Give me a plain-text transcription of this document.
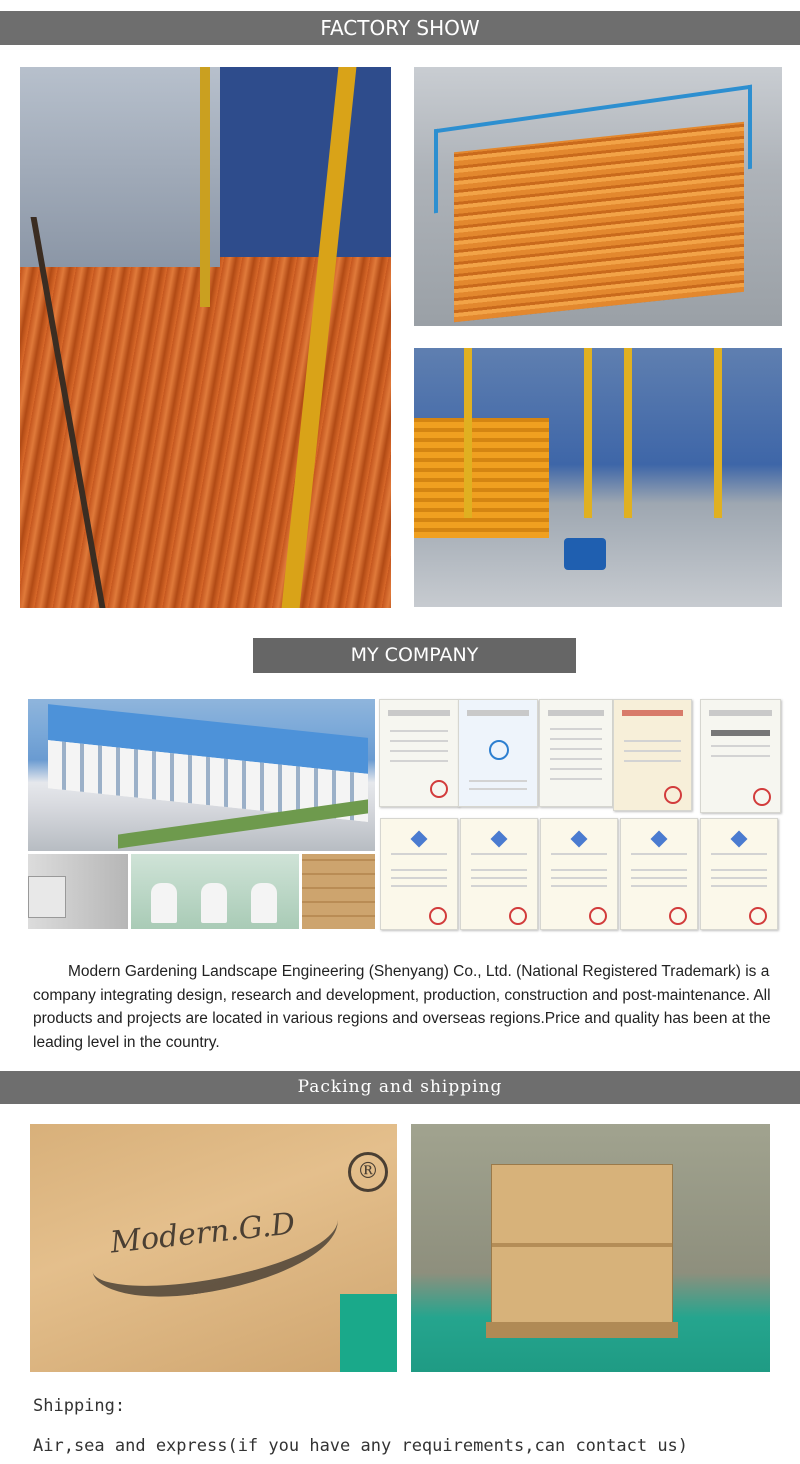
FACTORY SHOW
MY COMPANY

Modern Gardening Landscape Engineering (Shenyang) Co., Ltd. (National Registered Trademark) is a company integrating design, research and development, production, construction and post-maintenance. All products and projects are located in various regions and overseas regions.Price and quality has been at the leading level in the country.

Packing and shipping
Modern.G.D
®
Shipping:
Air,sea and express(if you have any requirements,can contact us)
